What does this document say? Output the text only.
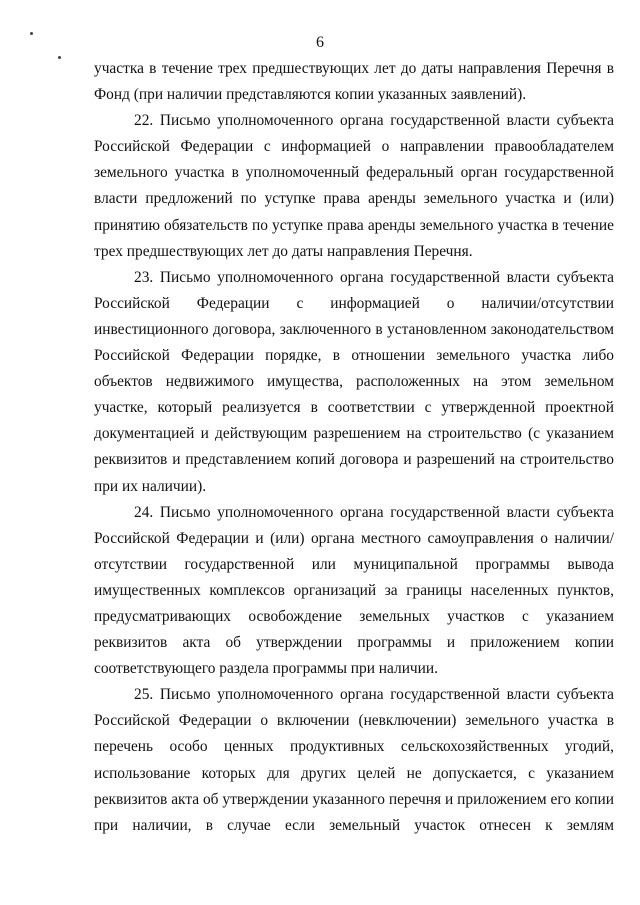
6

участка в течение трех предшествующих лет до даты направления Перечня в Фонд (при наличии представляются копии указанных заявлений).

22. Письмо уполномоченного органа государственной власти субъекта Российской Федерации с информацией о направлении правообладателем земельного участка в уполномоченный федеральный орган государственной власти предложений по уступке права аренды земельного участка и (или) принятию обязательств по уступке права аренды земельного участка в течение трех предшествующих лет до даты направления Перечня.

23. Письмо уполномоченного органа государственной власти субъекта Российской Федерации с информацией о наличии/отсутствии инвестиционного договора, заключенного в установленном законодательством Российской Федерации порядке, в отношении земельного участка либо объектов недвижимого имущества, расположенных на этом земельном участке, который реализуется в соответствии с утвержденной проектной документацией и действующим разрешением на строительство (с указанием реквизитов и представлением копий договора и разрешений на строительство при их наличии).

24. Письмо уполномоченного органа государственной власти субъекта Российской Федерации и (или) органа местного самоуправления о наличии/отсутствии государственной или муниципальной программы вывода имущественных комплексов организаций за границы населенных пунктов, предусматривающих освобождение земельных участков с указанием реквизитов акта об утверждении программы и приложением копии соответствующего раздела программы при наличии.

25. Письмо уполномоченного органа государственной власти субъекта Российской Федерации о включении (невключении) земельного участка в перечень особо ценных продуктивных сельскохозяйственных угодий, использование которых для других целей не допускается, с указанием реквизитов акта об утверждении указанного перечня и приложением его копии при наличии, в случае если земельный участок отнесен к землям
